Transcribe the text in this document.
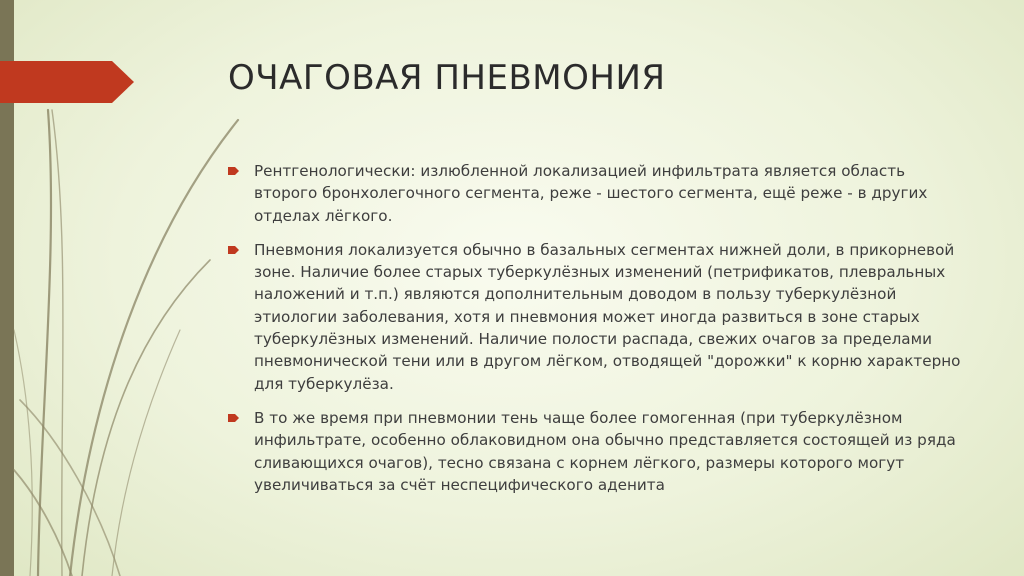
ОЧАГОВАЯ ПНЕВМОНИЯ
Рентгенологически: излюбленной локализацией инфильтрата является область второго бронхолегочного сегмента, реже - шестого сегмента, ещё реже - в других отделах лёгкого.
Пневмония локализуется обычно в базальных сегментах нижней доли, в прикорневой зоне. Наличие более старых туберкулёзных изменений (петрификатов, плевральных наложений и т.п.) являются дополнительным доводом в пользу туберкулёзной этиологии заболевания, хотя и пневмония может иногда развиться в зоне старых туберкулёзных изменений. Наличие полости распада, свежих очагов за пределами пневмонической тени или в другом лёгком, отводящей "дорожки" к корню характерно для туберкулёза.
В то же время при пневмонии тень чаще более гомогенная (при туберкулёзном инфильтрате, особенно облаковидном она обычно представляется состоящей из ряда сливающихся очагов), тесно связана с корнем лёгкого, размеры которого могут увеличиваться за счёт неспецифического аденита
